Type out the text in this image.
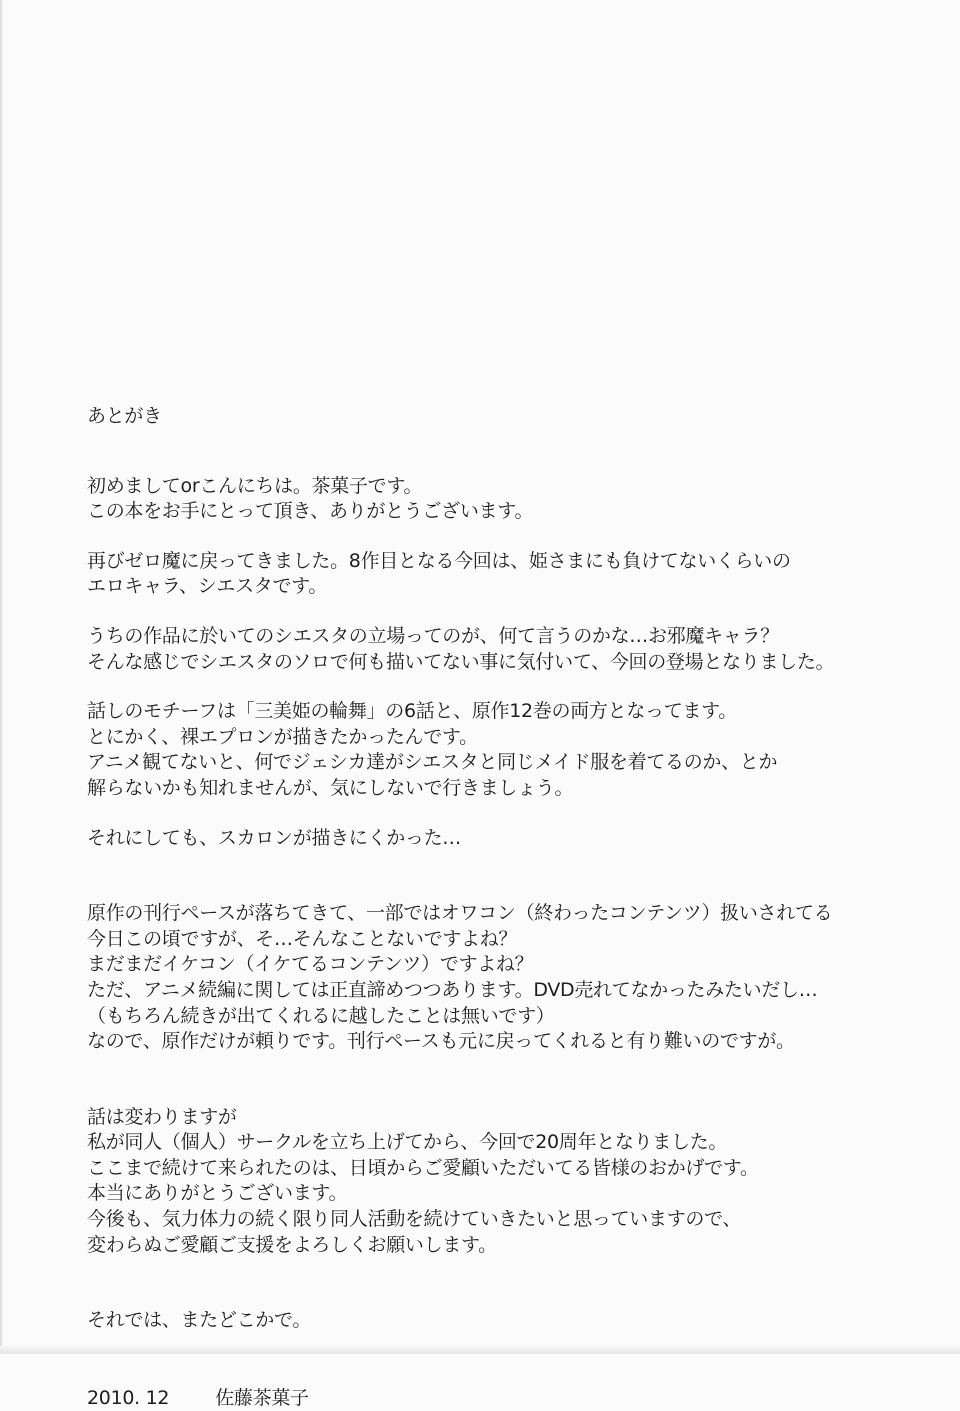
あとがき
初めましてorこんにちは。茶菓子です。
この本をお手にとって頂き、ありがとうございます。
再びゼロ魔に戻ってきました。8作目となる今回は、姫さまにも負けてないくらいの
エロキャラ、シエスタです。
うちの作品に於いてのシエスタの立場ってのが、何て言うのかな…お邪魔キャラ？
そんな感じでシエスタのソロで何も描いてない事に気付いて、今回の登場となりました。
話しのモチーフは「三美姫の輪舞」の6話と、原作12巻の両方となってます。
とにかく、裸エプロンが描きたかったんです。
アニメ観てないと、何でジェシカ達がシエスタと同じメイド服を着てるのか、とか
解らないかも知れませんが、気にしないで行きましょう。
それにしても、スカロンが描きにくかった…
原作の刊行ペースが落ちてきて、一部ではオワコン（終わったコンテンツ）扱いされてる
今日この頃ですが、そ…そんなことないですよね？
まだまだイケコン（イケてるコンテンツ）ですよね？
ただ、アニメ続編に関しては正直諦めつつあります。DVD売れてなかったみたいだし…
（もちろん続きが出てくれるに越したことは無いです）
なので、原作だけが頼りです。刊行ペースも元に戻ってくれると有り難いのですが。
話は変わりますが
私が同人（個人）サークルを立ち上げてから、今回で20周年となりました。
ここまで続けて来られたのは、日頃からご愛顧いただいてる皆様のおかげです。
本当にありがとうございます。
今後も、気力体力の続く限り同人活動を続けていきたいと思っていますので、
変わらぬご愛顧ご支援をよろしくお願いします。
それでは、またどこかで。
2010. 12 佐藤茶菓子
